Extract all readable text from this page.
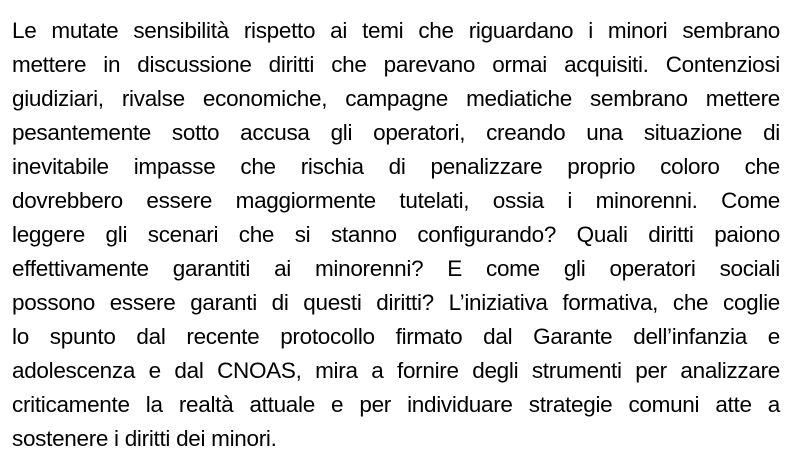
Le mutate sensibilità rispetto ai temi che riguardano i minori sembrano
mettere in discussione diritti che parevano ormai acquisiti. Contenziosi
giudiziari, rivalse economiche, campagne mediatiche sembrano mettere
pesantemente sotto accusa gli operatori, creando una situazione di
inevitabile impasse che rischia di penalizzare proprio coloro che
dovrebbero essere maggiormente tutelati, ossia i minorenni. Come
leggere gli scenari che si stanno configurando? Quali diritti paiono
effettivamente garantiti ai minorenni? E come gli operatori sociali
possono essere garanti di questi diritti? L’iniziativa formativa, che coglie
lo spunto dal recente protocollo firmato dal Garante dell’infanzia e
adolescenza e dal CNOAS, mira a fornire degli strumenti per analizzare
criticamente la realtà attuale e per individuare strategie comuni atte a
sostenere i diritti dei minori.
